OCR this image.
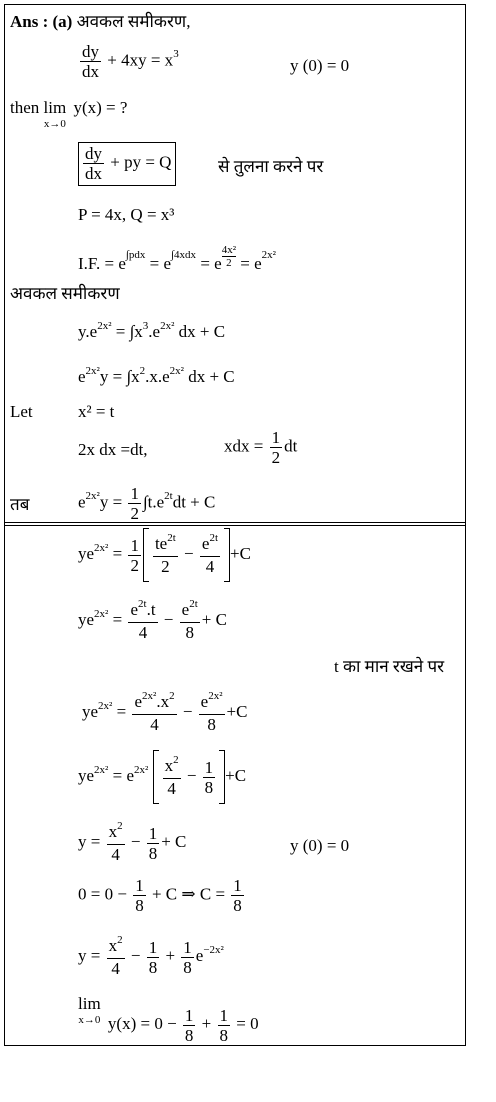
Ans : (a) अवकल समीकरण,
$\frac{dy}{dx} + 4xy = x^3$
y (0) = 0
then lim
x→0
y(x) = ?
$\frac{dy}{dx}$ + py = Q	से तुलना करने पर
P = 4x, Q = x³
I.F. = $e^{\int pdx} = e^{\int 4xdx} = e \frac{\text{4x²}}{2} = e^{2x^2}$
अवकल समीकरण
$y.e^{2x^2} = \int x^3.e^{2x^2}$ dx + C
$e^{2x^2}y = \int x^2.x.e^{2x^2}$ dx + C
Let	x² = t
2x dx =dt,	xdx = $\frac{1}{2}$ dt
तब	$e^{2x^2}y = \frac{1}{2} \int t.e^{2t}dt + C$
$ye^{2x^2} = \frac{1}{2} \frac{te^{2t}}{2} - \frac{e^{2t}}{4} +C$
$ye^{2x^2} = \frac{e^{2t}.t}{4} - \frac{e^{2t}}{8} + C$
t का मान रखने पर
$ye^{2x^2} = \frac{e^{2x^2}.x^2}{4} - \frac{e^{2x^2}}{8} +C$
$ye^{2x^2} = e^{2x^2} \frac{x^2}{4} - \frac{1}{8} +C$
$y = \frac{x^2}{4} - \frac{1}{8} + C$	y (0) = 0
$0 = 0 - \frac{1}{8} + C$ ⇒ $C = \frac{1}{8}$
$y = \frac{x^2}{4} - \frac{1}{8} + \frac{1}{8} e^{-2x^2}$
lim
x→0 $y(x) = 0 - \frac{1}{8} + \frac{1}{8} = 0$
